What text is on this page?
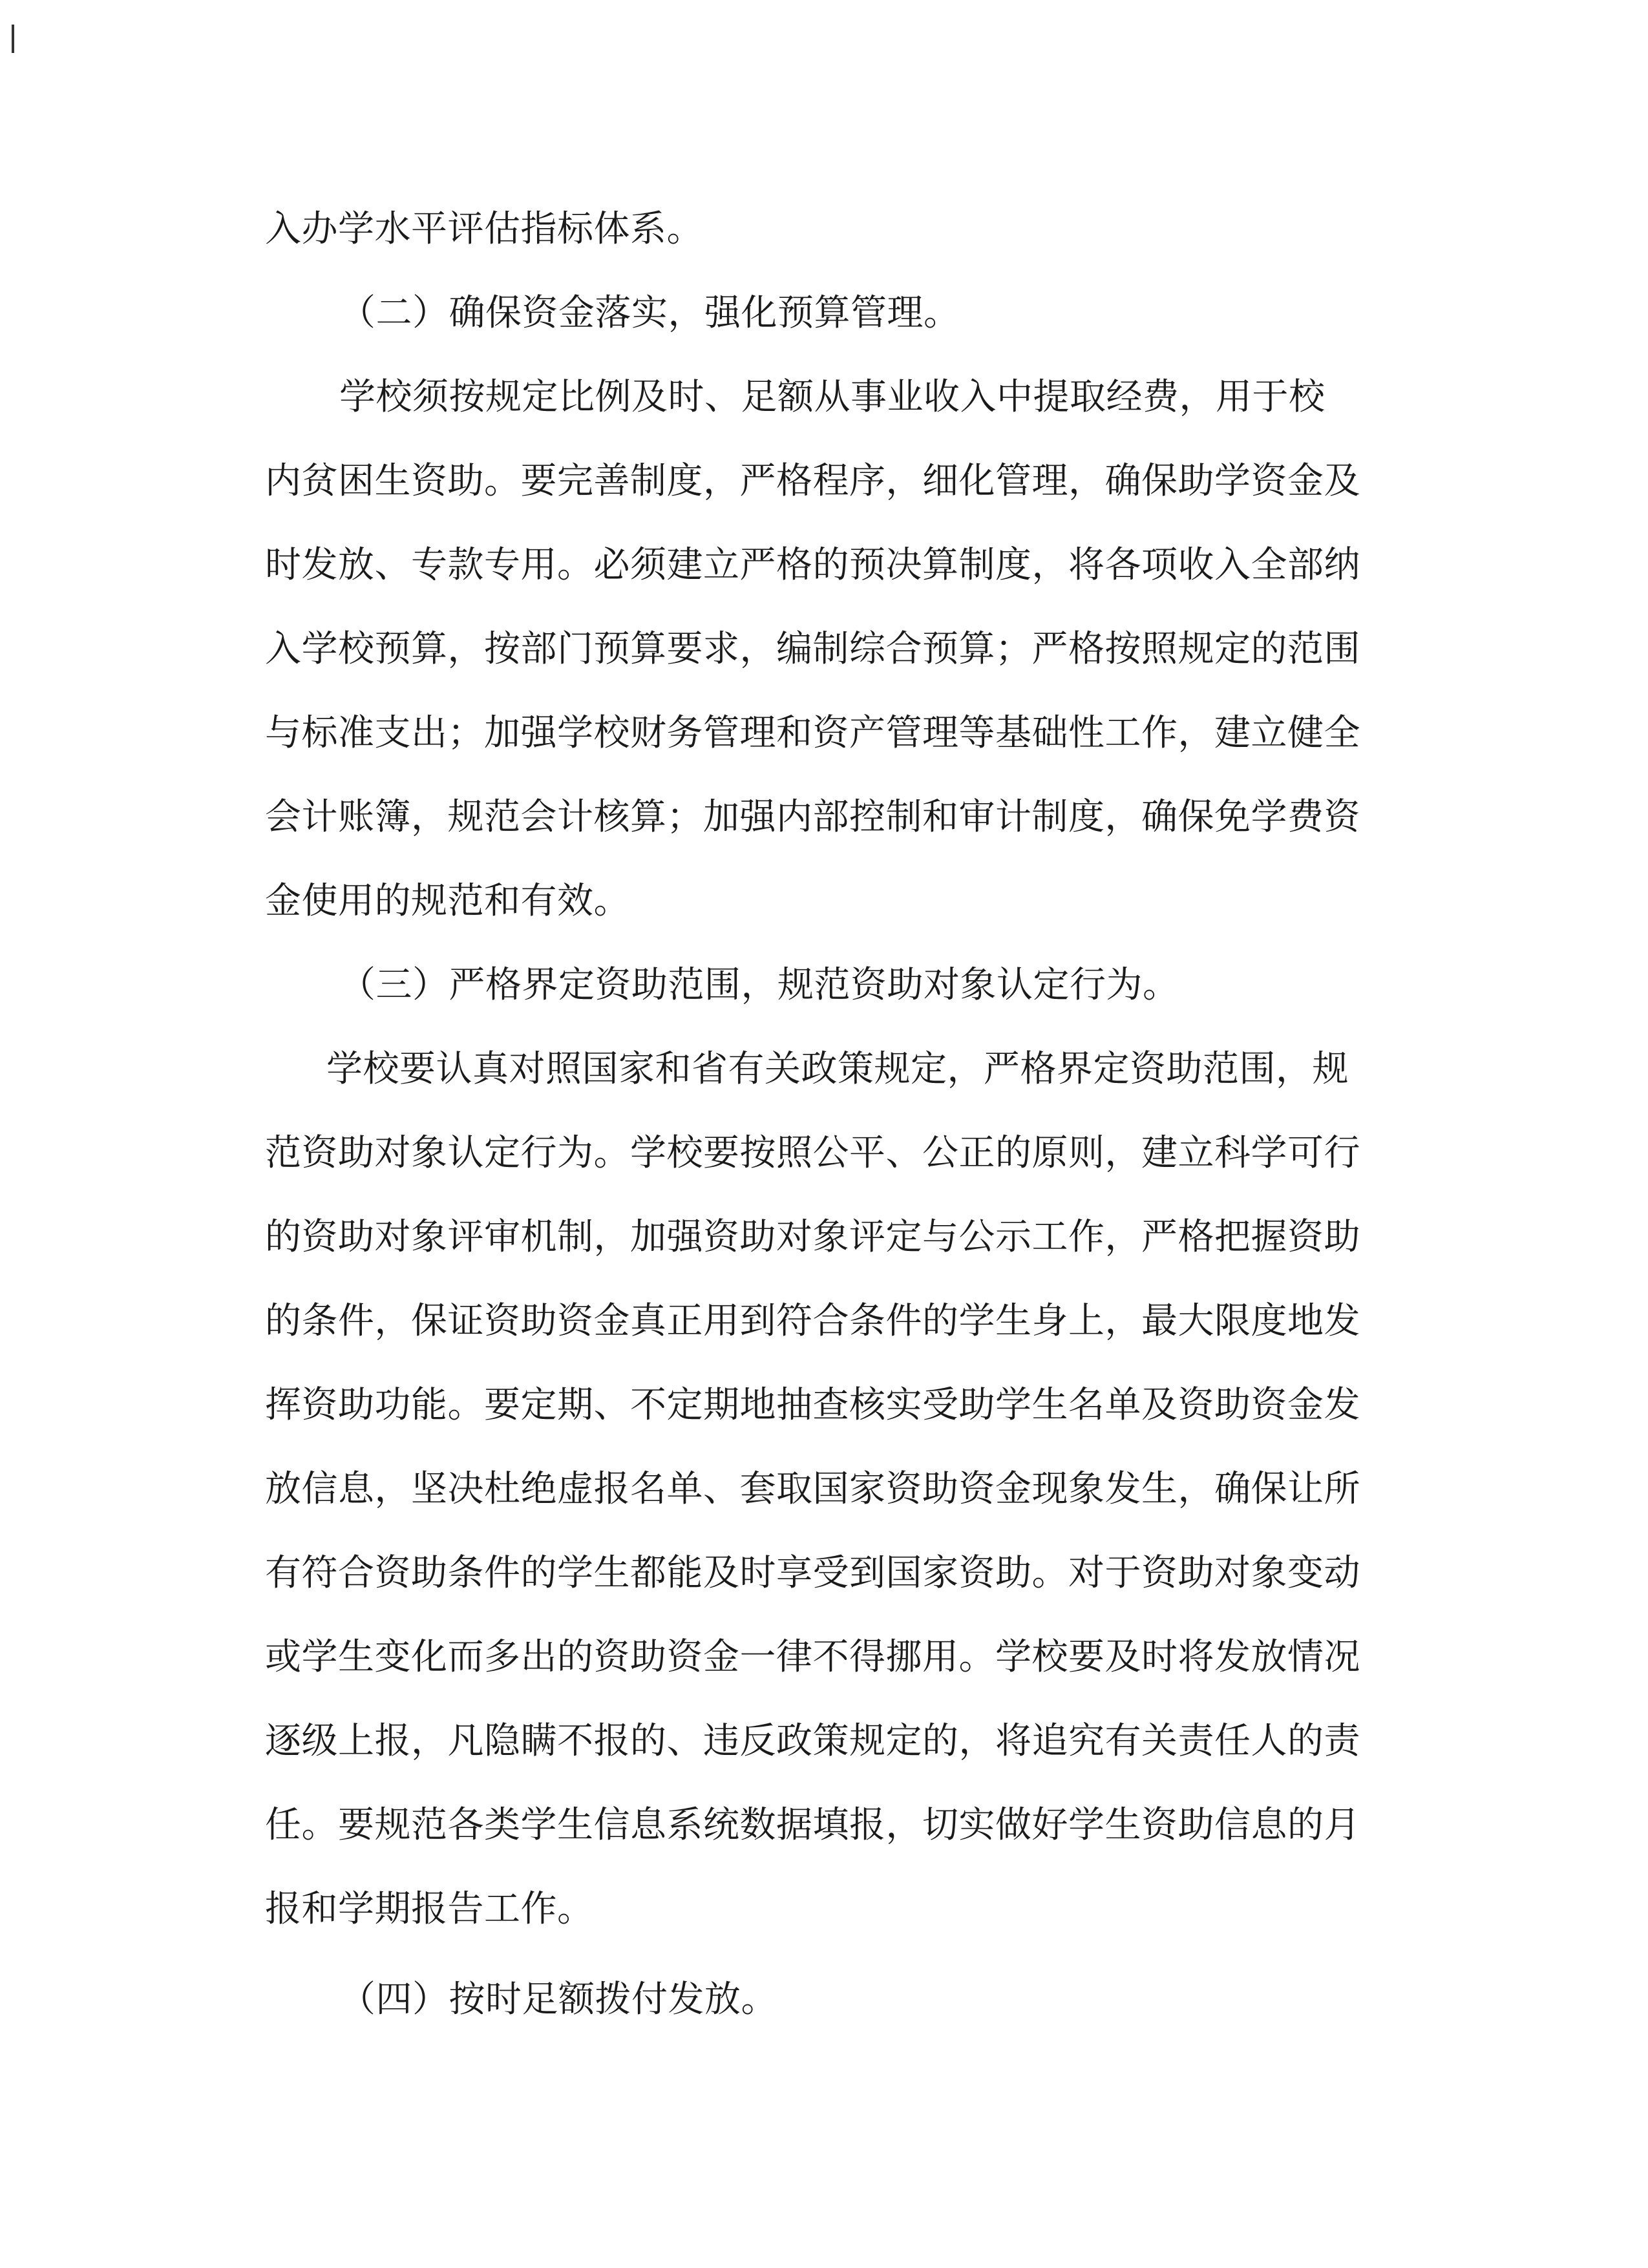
入办学水平评估指标体系。

（二）确保资金落实，强化预算管理。

学校须按规定比例及时、足额从事业收入中提取经费，用于校

内贫困生资助。要完善制度，严格程序，细化管理，确保助学资金及

时发放、专款专用。必须建立严格的预决算制度，将各项收入全部纳

入学校预算，按部门预算要求，编制综合预算；严格按照规定的范围

与标准支出；加强学校财务管理和资产管理等基础性工作，建立健全

会计账簿，规范会计核算；加强内部控制和审计制度，确保免学费资

金使用的规范和有效。

（三）严格界定资助范围，规范资助对象认定行为。

学校要认真对照国家和省有关政策规定，严格界定资助范围，规

范资助对象认定行为。学校要按照公平、公正的原则，建立科学可行

的资助对象评审机制，加强资助对象评定与公示工作，严格把握资助

的条件，保证资助资金真正用到符合条件的学生身上，最大限度地发

挥资助功能。要定期、不定期地抽查核实受助学生名单及资助资金发

放信息，坚决杜绝虚报名单、套取国家资助资金现象发生，确保让所

有符合资助条件的学生都能及时享受到国家资助。对于资助对象变动

或学生变化而多出的资助资金一律不得挪用。学校要及时将发放情况

逐级上报，凡隐瞒不报的、违反政策规定的，将追究有关责任人的责

任。要规范各类学生信息系统数据填报，切实做好学生资助信息的月

报和学期报告工作。

（四）按时足额拨付发放。
